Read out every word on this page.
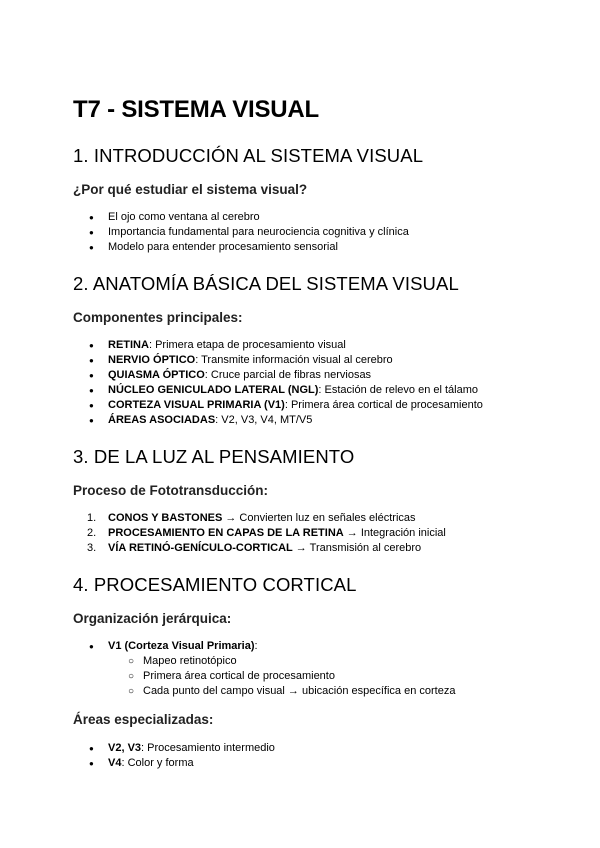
T7 - SISTEMA VISUAL
1. INTRODUCCIÓN AL SISTEMA VISUAL
¿Por qué estudiar el sistema visual?
● El ojo como ventana al cerebro
● Importancia fundamental para neurociencia cognitiva y clínica
● Modelo para entender procesamiento sensorial
2. ANATOMÍA BÁSICA DEL SISTEMA VISUAL
Componentes principales:
● RETINA: Primera etapa de procesamiento visual
● NERVIO ÓPTICO: Transmite información visual al cerebro
● QUIASMA ÓPTICO: Cruce parcial de fibras nerviosas
● NÚCLEO GENICULADO LATERAL (NGL): Estación de relevo en el tálamo
● CORTEZA VISUAL PRIMARIA (V1): Primera área cortical de procesamiento
● ÁREAS ASOCIADAS: V2, V3, V4, MT/V5
3. DE LA LUZ AL PENSAMIENTO
Proceso de Fototransducción:
1. CONOS Y BASTONES → Convierten luz en señales eléctricas
2. PROCESAMIENTO EN CAPAS DE LA RETINA → Integración inicial
3. VÍA RETINÓ-GENÍCULO-CORTICAL → Transmisión al cerebro
4. PROCESAMIENTO CORTICAL
Organización jerárquica:
● V1 (Corteza Visual Primaria):
○ Mapeo retinotópico
○ Primera área cortical de procesamiento
○ Cada punto del campo visual → ubicación específica en corteza
Áreas especializadas:
● V2, V3: Procesamiento intermedio
● V4: Color y forma
